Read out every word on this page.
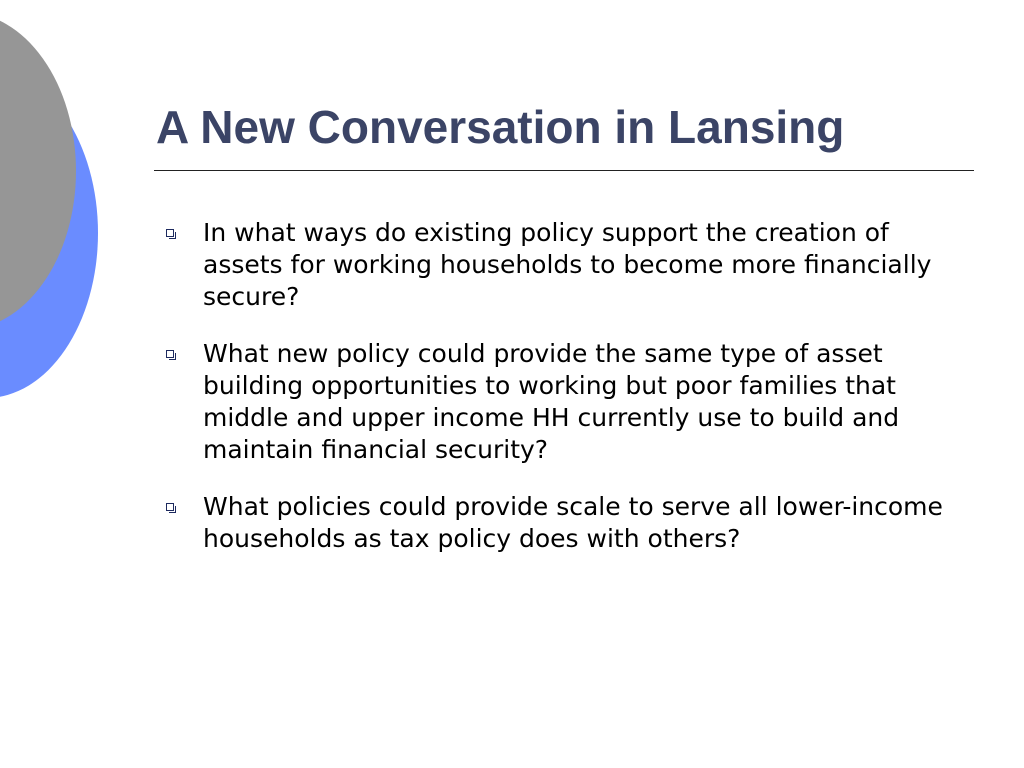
A New Conversation in Lansing
In what ways do existing policy support the creation of assets for working households to become more financially secure?
What new policy could provide the same type of asset building opportunities to working but poor families that middle and upper income HH currently use to build and maintain financial security?
What policies could provide scale to serve all lower-income households as tax policy does with others?
